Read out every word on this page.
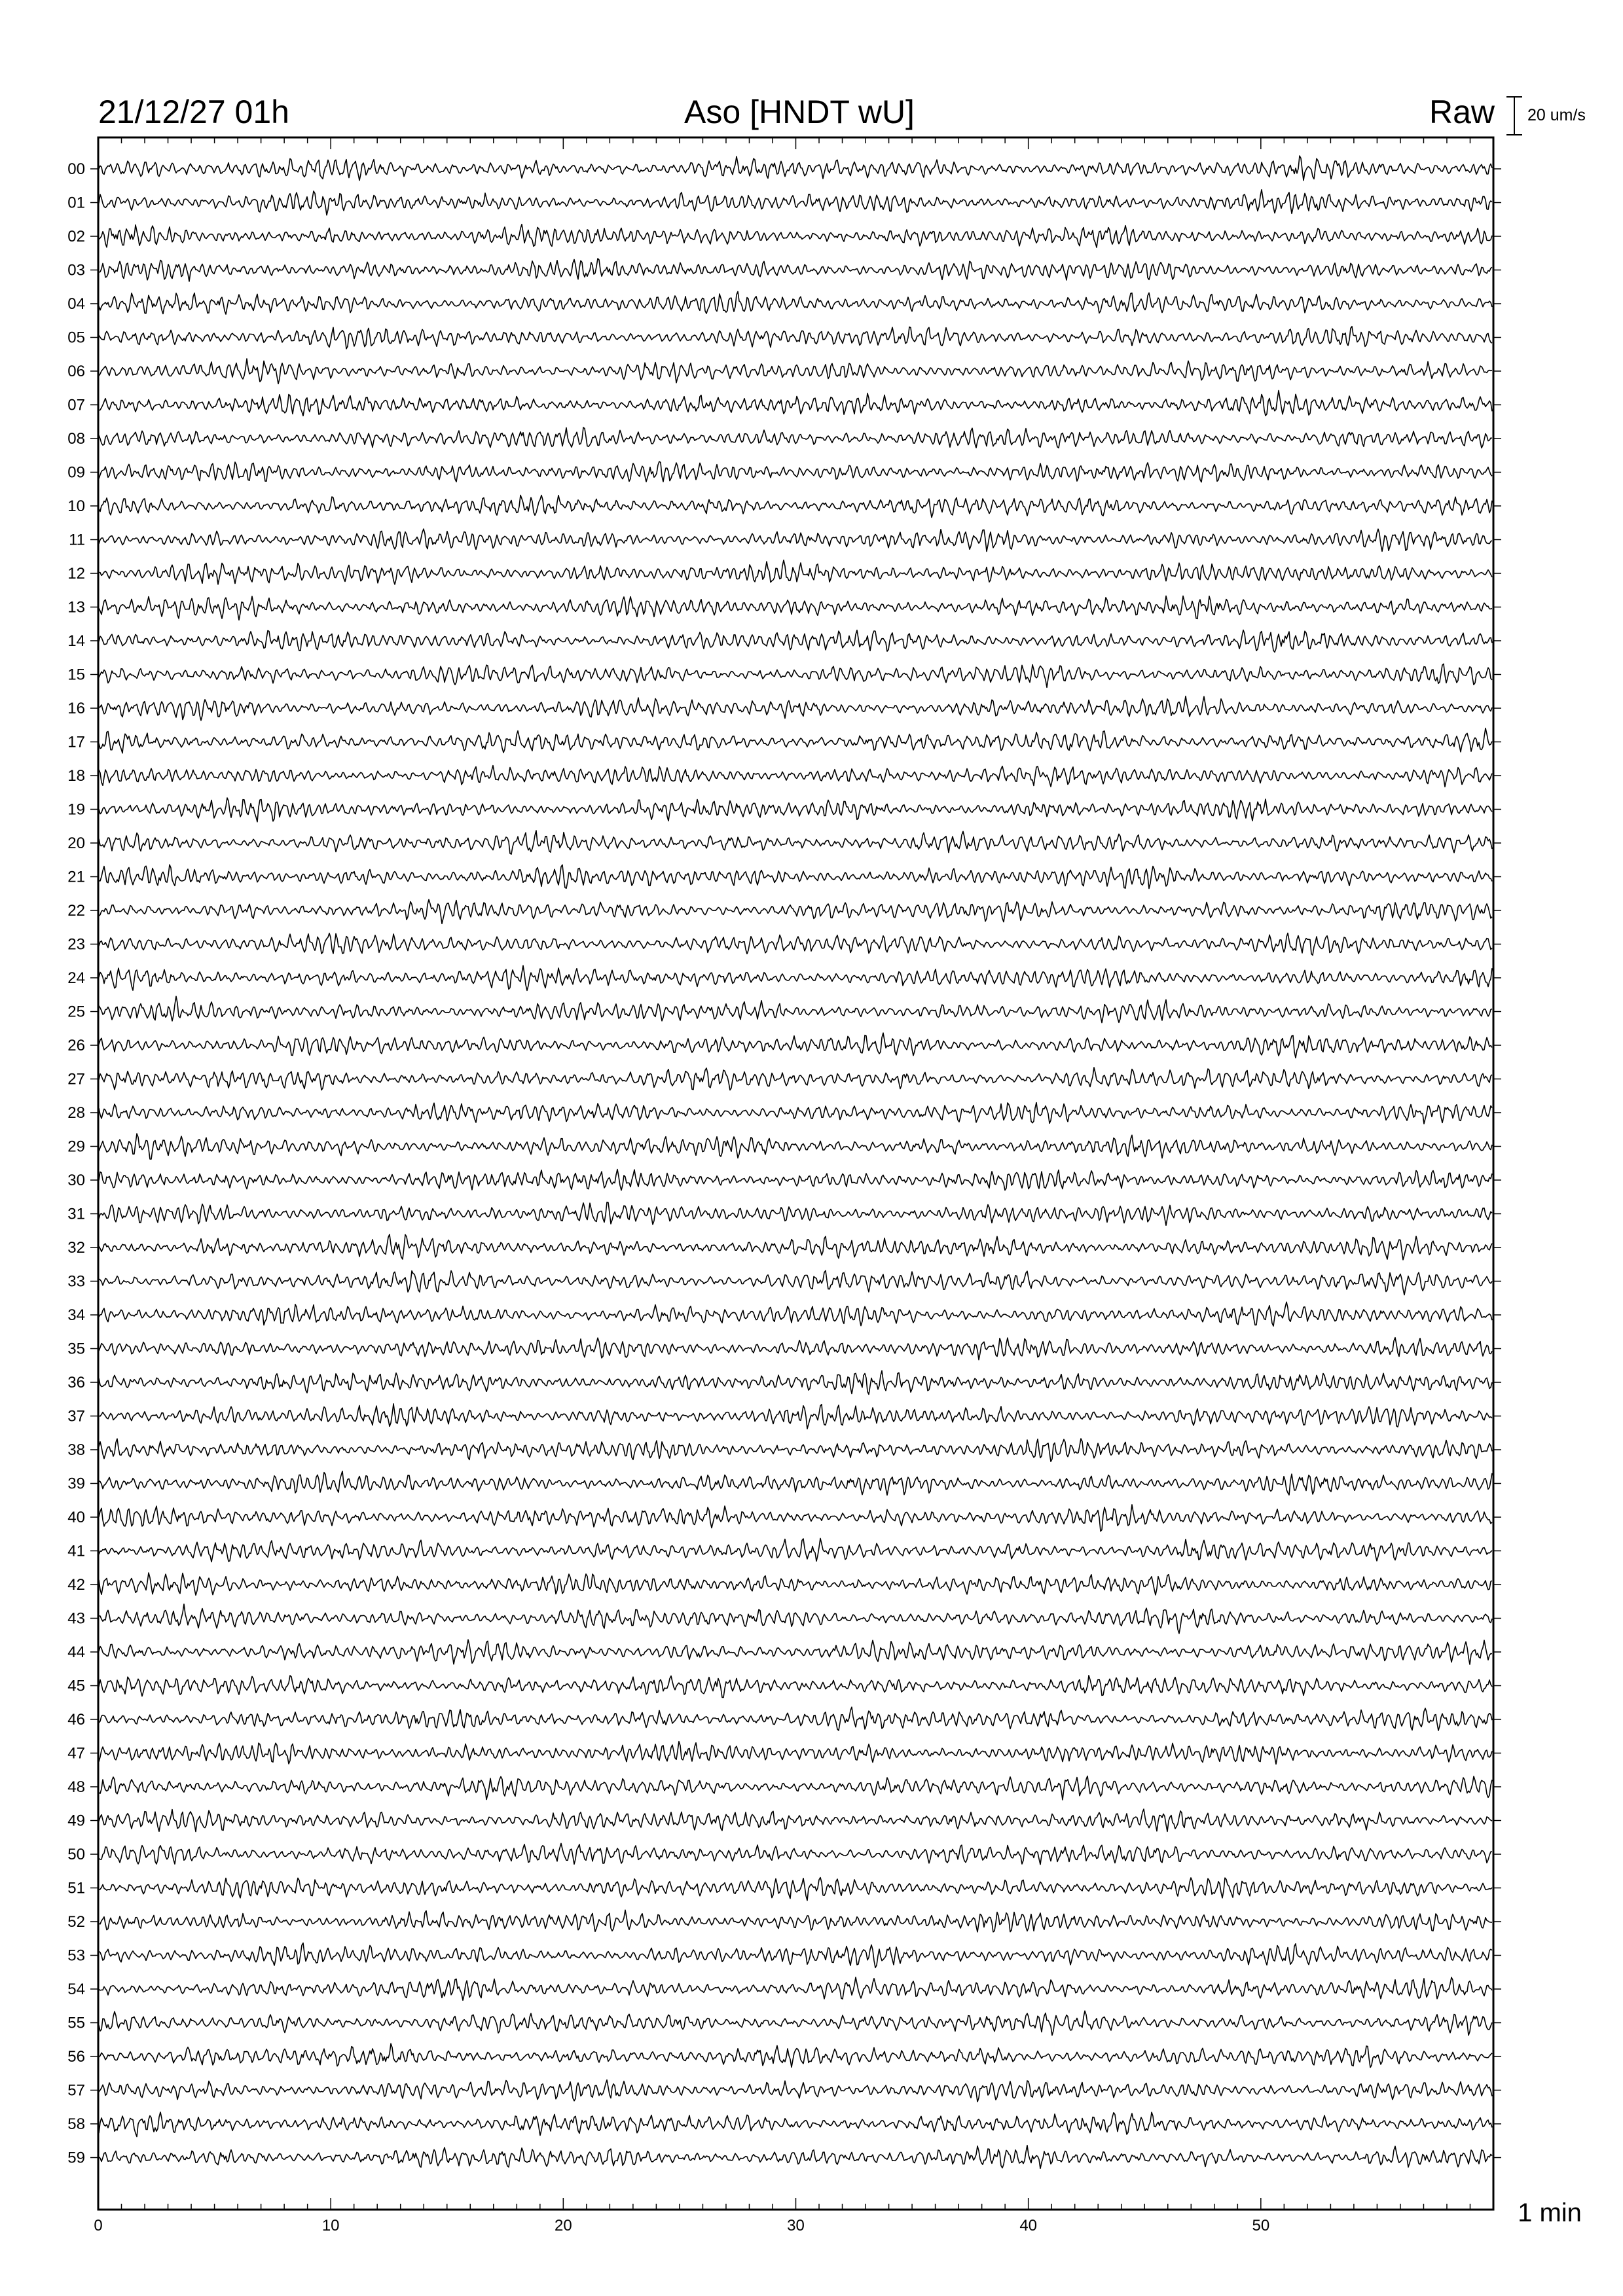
21/12/27 01h	Aso [HNDT wU]	Raw 20 um/s
00
01
02
03
04
05
06
07
08
09
10
11
12
13
14
15
16
17
18
19
20
21
22
23
24
25
26
27
28
29
30
31
32
33
34
35
36
37
38
39
40
41
42
43
44
45
46
47
48
49
50
51
52
53
54
55
56
57
58
59
0	10	20	30	40	50	1 min
